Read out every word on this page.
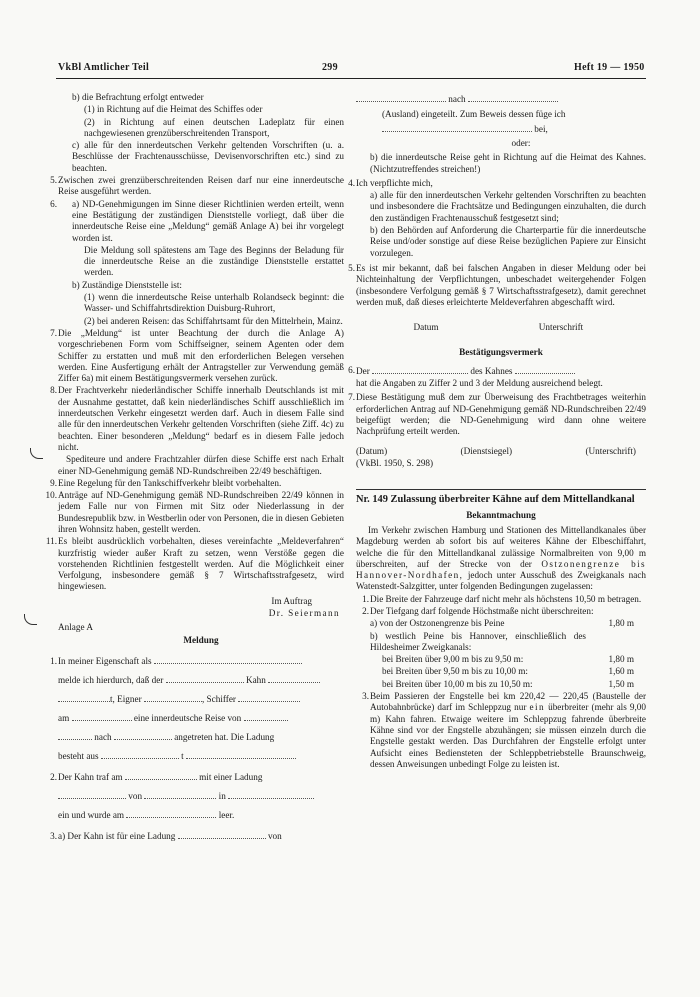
VkBl Amtlicher Teil	299	Heft 19 — 1950
b) die Befrachtung erfolgt entweder
(1) in Richtung auf die Heimat des Schiffes oder
(2) in Richtung auf einen deutschen Ladeplatz für einen nachgewiesenen grenzüberschreitenden Transport,
c) alle für den innerdeutschen Verkehr geltenden Vorschriften (u. a. Beschlüsse der Frachtenausschüsse, Devisenvorschriften etc.) sind zu beachten.
5. Zwischen zwei grenzüberschreitenden Reisen darf nur eine innerdeutsche Reise ausgeführt werden.
6. a) ND-Genehmigungen im Sinne dieser Richtlinien werden erteilt, wenn eine Bestätigung der zuständigen Dienststelle vorliegt, daß über die innerdeutsche Reise eine „Meldung“ gemäß Anlage A) bei ihr vorgelegt worden ist.
Die Meldung soll spätestens am Tage des Beginns der Beladung für die innerdeutsche Reise an die zuständige Dienststelle erstattet werden.
b) Zuständige Dienststelle ist:
(1) wenn die innerdeutsche Reise unterhalb Rolandseck beginnt: die Wasser- und Schiffahrtsdirektion Duisburg-Ruhrort,
(2) bei anderen Reisen: das Schiffahrtsamt für den Mittelrhein, Mainz.
7. Die „Meldung“ ist unter Beachtung der durch die Anlage A) vorgeschriebenen Form vom Schiffseigner, seinem Agenten oder dem Schiffer zu erstatten und muß mit den erforderlichen Belegen versehen werden. Eine Ausfertigung erhält der Antragsteller zur Verwendung gemäß Ziffer 6a) mit einem Bestätigungsvermerk versehen zurück.
8. Der Frachtverkehr niederländischer Schiffe innerhalb Deutschlands ist mit der Ausnahme gestattet, daß kein niederländisches Schiff ausschließlich im innerdeutschen Verkehr eingesetzt werden darf. Auch in diesem Falle sind alle für den innerdeutschen Verkehr geltenden Vorschriften (siehe Ziff. 4c) zu beachten. Einer besonderen „Meldung“ bedarf es in diesem Falle jedoch nicht.
Spediteure und andere Frachtzahler dürfen diese Schiffe erst nach Erhalt einer ND-Genehmigung gemäß ND-Rundschreiben 22/49 beschäftigen.
9. Eine Regelung für den Tankschiffverkehr bleibt vorbehalten.
10. Anträge auf ND-Genehmigung gemäß ND-Rundschreiben 22/49 können in jedem Falle nur von Firmen mit Sitz oder Niederlassung in der Bundesrepublik bzw. in Westberlin oder von Personen, die in diesen Gebieten ihren Wohnsitz haben, gestellt werden.
11. Es bleibt ausdrücklich vorbehalten, dieses vereinfachte „Meldeverfahren“ kurzfristig wieder außer Kraft zu setzen, wenn Verstöße gegen die vorstehenden Richtlinien festgestellt werden. Auf die Möglichkeit einer Verfolgung, insbesondere gemäß § 7 Wirtschaftsstrafgesetz, wird hingewiesen.
Im Auftrag
Dr. Seiermann
Anlage A
Meldung
1. In meiner Eigenschaft als
melde ich hierdurch, daß der	Kahn
t, Eigner	, Schiffer
am	eine innerdeutsche Reise von
nach	angetreten hat. Die Ladung
besteht aus	t
2. Der Kahn traf am	mit einer Ladung
von	in
ein und wurde am	leer.
3. a) Der Kahn ist für eine Ladung	von
nach
(Ausland) eingeteilt. Zum Beweis dessen füge ich
bei,
oder:
b) die innerdeutsche Reise geht in Richtung auf die Heimat des Kahnes. (Nichtzutreffendes streichen!)
4. Ich verpflichte mich,
a) alle für den innerdeutschen Verkehr geltenden Vorschriften zu beachten und insbesondere die Frachtsätze und Bedingungen einzuhalten, die durch den zuständigen Frachtenausschuß festgesetzt sind;
b) den Behörden auf Anforderung die Charterpartie für die innerdeutsche Reise und/oder sonstige auf diese Reise bezüglichen Papiere zur Einsicht vorzulegen.
5. Es ist mir bekannt, daß bei falschen Angaben in dieser Meldung oder bei Nichteinhaltung der Verpflichtungen, unbeschadet weitergehender Folgen (insbesondere Verfolgung gemäß § 7 Wirtschaftsstrafgesetz), damit gerechnet werden muß, daß dieses erleichterte Meldeverfahren abgeschafft wird.
Datum	Unterschrift
Bestätigungsvermerk
6. Der	des Kahnes
hat die Angaben zu Ziffer 2 und 3 der Meldung ausreichend belegt.
7. Diese Bestätigung muß dem zur Überweisung des Frachtbetrages weiterhin erforderlichen Antrag auf ND-Genehmigung gemäß ND-Rundschreiben 22/49 beigefügt werden; die ND-Genehmigung wird dann ohne weitere Nachprüfung erteilt werden.
(Datum)	(Dienstsiegel)	(Unterschrift)
(VkBl. 1950, S. 298)
Nr. 149 Zulassung überbreiter Kähne auf dem Mittellandkanal
Bekanntmachung
Im Verkehr zwischen Hamburg und Stationen des Mittellandkanales über Magdeburg werden ab sofort bis auf weiteres Kähne der Elbeschiffahrt, welche die für den Mittellandkanal zulässige Normalbreiten von 9,00 m überschreiten, auf der Strecke von der Ostzonengrenze bis Hannover-Nordhafen, jedoch unter Ausschuß des Zweigkanals nach Watenstedt-Salzgitter, unter folgenden Bedingungen zugelassen:
1. Die Breite der Fahrzeuge darf nicht mehr als höchstens 10,50 m betragen.
2. Der Tiefgang darf folgende Höchstmaße nicht überschreiten:
a) von der Ostzonengrenze bis Peine	1,80 m
b) westlich Peine bis Hannover, einschließlich des Hildesheimer Zweigkanals:
bei Breiten über 9,00 m bis zu 9,50 m:	1,80 m
bei Breiten über 9,50 m bis zu 10,00 m:	1,60 m
bei Breiten über 10,00 m bis zu 10,50 m:	1,50 m
3. Beim Passieren der Engstelle bei km 220,42 — 220,45 (Baustelle der Autobahnbrücke) darf im Schleppzug nur ein überbreiter (mehr als 9,00 m) Kahn fahren. Etwaige weitere im Schleppzug fahrende überbreite Kähne sind vor der Engstelle abzuhängen; sie müssen einzeln durch die Engstelle gestakt werden. Das Durchfahren der Engstelle erfolgt unter Aufsicht eines Bediensteten der Schleppbetriebstelle Braunschweig, dessen Anweisungen unbedingt Folge zu leisten ist.
